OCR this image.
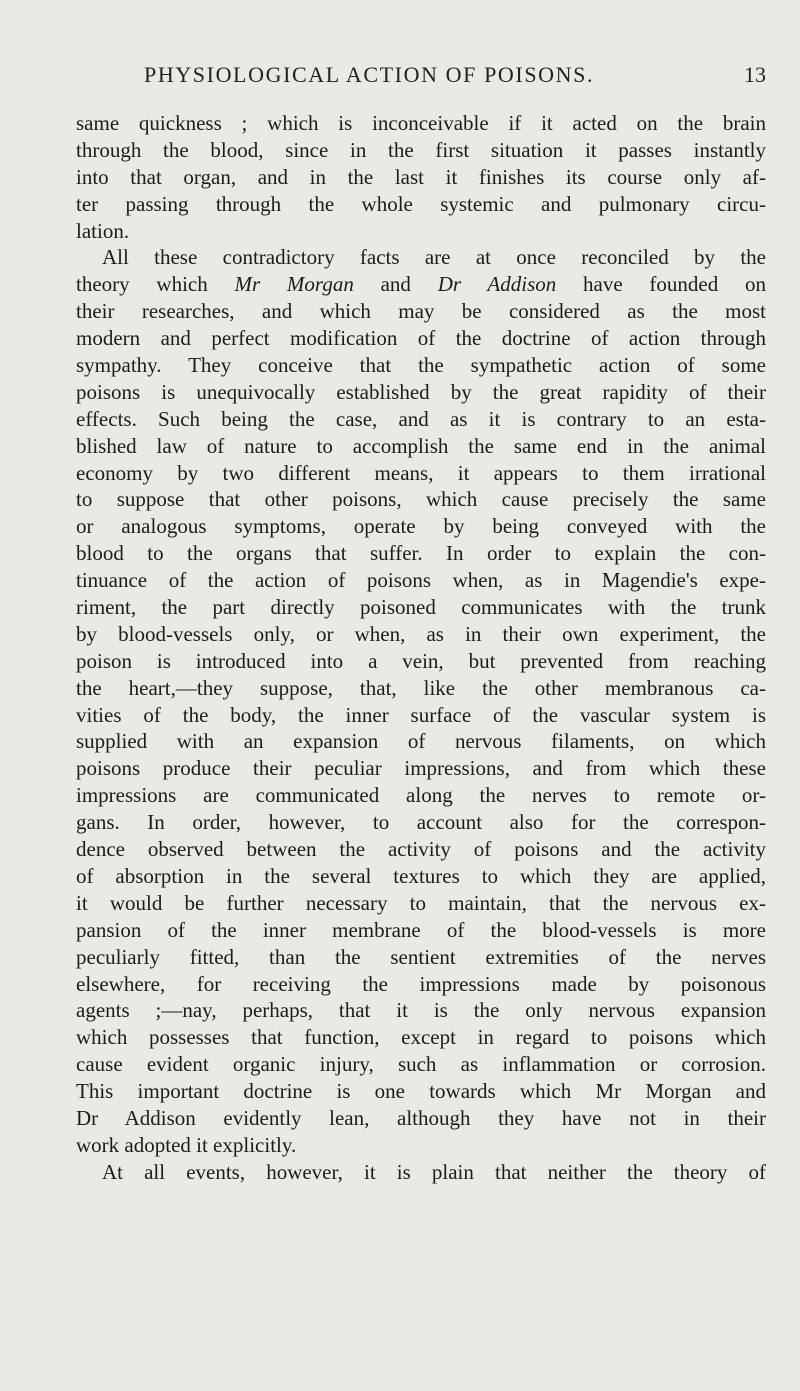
PHYSIOLOGICAL ACTION OF POISONS.	13
same quickness ; which is inconceivable if it acted on the brain
through the blood, since in the first situation it passes instantly
into that organ, and in the last it finishes its course only af-
ter passing through the whole systemic and pulmonary circu-
lation.
All these contradictory facts are at once reconciled by the
theory which Mr Morgan and Dr Addison have founded on
their researches, and which may be considered as the most
modern and perfect modification of the doctrine of action through
sympathy. They conceive that the sympathetic action of some
poisons is unequivocally established by the great rapidity of their
effects. Such being the case, and as it is contrary to an esta-
blished law of nature to accomplish the same end in the animal
economy by two different means, it appears to them irrational
to suppose that other poisons, which cause precisely the same
or analogous symptoms, operate by being conveyed with the
blood to the organs that suffer. In order to explain the con-
tinuance of the action of poisons when, as in Magendie's expe-
riment, the part directly poisoned communicates with the trunk
by blood-vessels only, or when, as in their own experiment, the
poison is introduced into a vein, but prevented from reaching
the heart,—they suppose, that, like the other membranous ca-
vities of the body, the inner surface of the vascular system is
supplied with an expansion of nervous filaments, on which
poisons produce their peculiar impressions, and from which these
impressions are communicated along the nerves to remote or-
gans. In order, however, to account also for the correspon-
dence observed between the activity of poisons and the activity
of absorption in the several textures to which they are applied,
it would be further necessary to maintain, that the nervous ex-
pansion of the inner membrane of the blood-vessels is more
peculiarly fitted, than the sentient extremities of the nerves
elsewhere, for receiving the impressions made by poisonous
agents ;—nay, perhaps, that it is the only nervous expansion
which possesses that function, except in regard to poisons which
cause evident organic injury, such as inflammation or corrosion.
This important doctrine is one towards which Mr Morgan and
Dr Addison evidently lean, although they have not in their
work adopted it explicitly.
At all events, however, it is plain that neither the theory of
